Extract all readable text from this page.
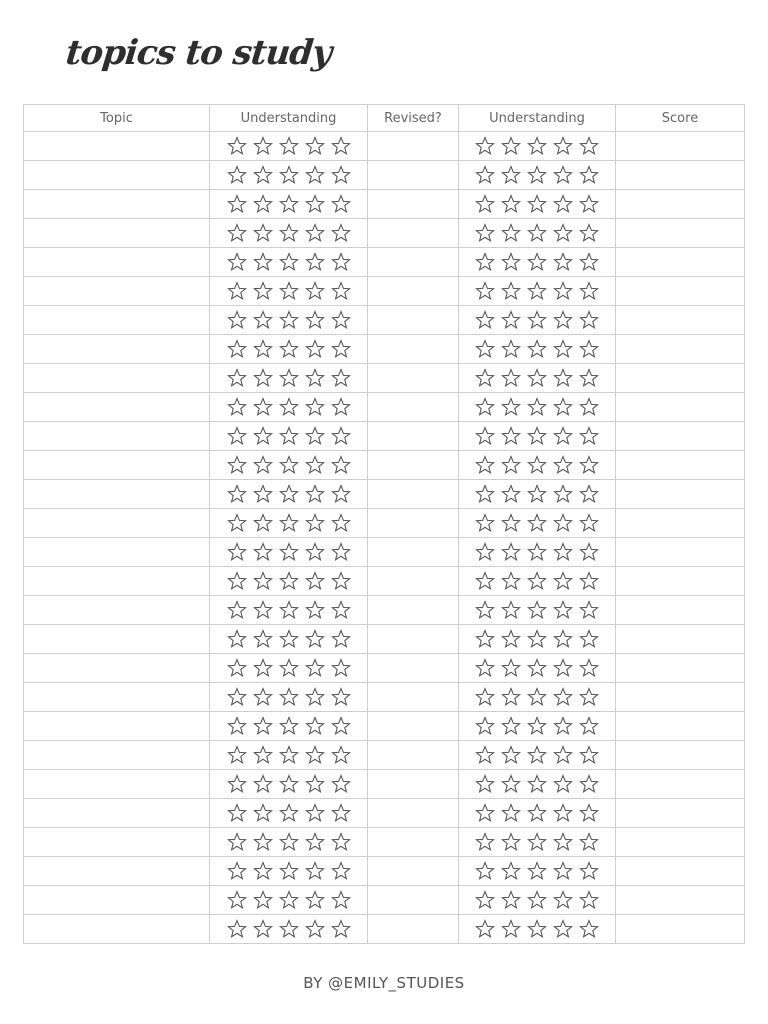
topics to study
Topic	Understanding	Revised?	Understanding	Score

BY @EMILY_STUDIES
